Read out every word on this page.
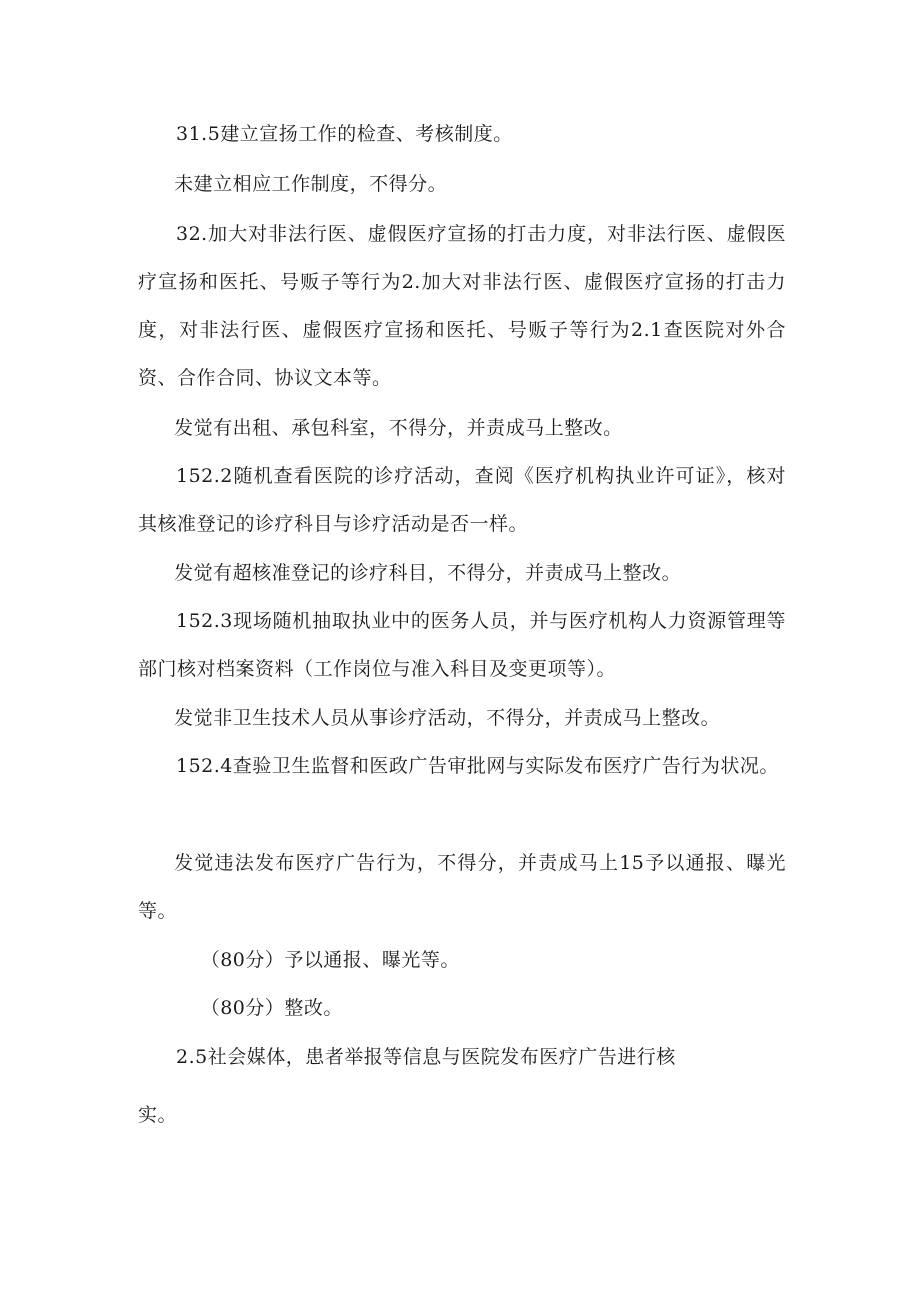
31.5建立宣扬工作的检查、考核制度。

未建立相应工作制度，不得分。

32.加大对非法行医、虚假医疗宣扬的打击力度，对非法行医、虚假医疗宣扬和医托、号贩子等行为2.加大对非法行医、虚假医疗宣扬的打击力度，对非法行医、虚假医疗宣扬和医托、号贩子等行为2.1查医院对外合资、合作合同、协议文本等。

发觉有出租、承包科室，不得分，并责成马上整改。

152.2随机查看医院的诊疗活动，查阅《医疗机构执业许可证》，核对其核准登记的诊疗科目与诊疗活动是否一样。

发觉有超核准登记的诊疗科目，不得分，并责成马上整改。

152.3现场随机抽取执业中的医务人员，并与医疗机构人力资源管理等部门核对档案资料（工作岗位与准入科目及变更项等）。

发觉非卫生技术人员从事诊疗活动，不得分，并责成马上整改。

152.4查验卫生监督和医政广告审批网与实际发布医疗广告行为状况。

发觉违法发布医疗广告行为，不得分，并责成马上15予以通报、曝光等。

（80分）予以通报、曝光等。

（80分）整改。

2.5社会媒体，患者举报等信息与医院发布医疗广告进行核

实。
